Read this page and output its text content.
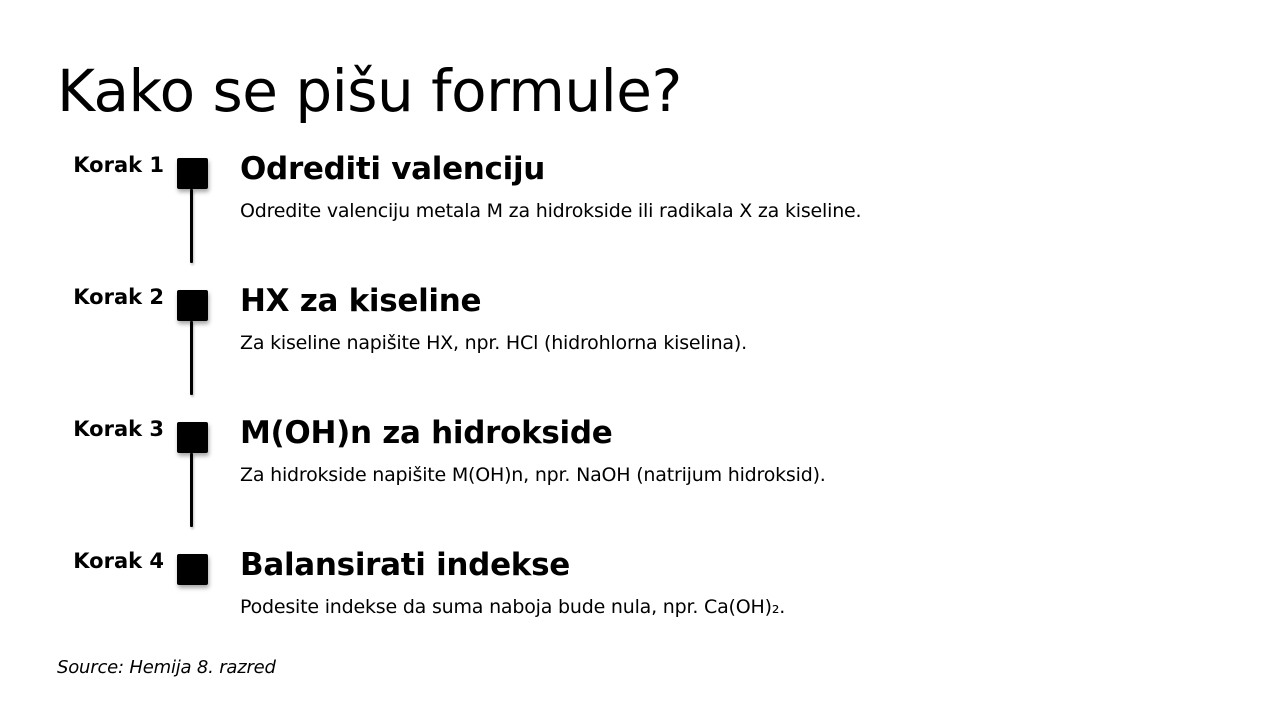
Kako se pišu formule?
Korak 1 Odrediti valenciju

Odredite valenciju metala M za hidrokside ili radikala X za kiseline.

Korak 2 HX za kiseline

Za kiseline napišite HX, npr. HCl (hidrohlorna kiselina).

Korak 3 M(OH)n za hidrokside

Za hidrokside napišite M(OH)n, npr. NaOH (natrijum hidroksid).

Korak 4 Balansirati indekse

Podesite indekse da suma naboja bude nula, npr. Ca(OH)₂.

Source: Hemija 8. razred
